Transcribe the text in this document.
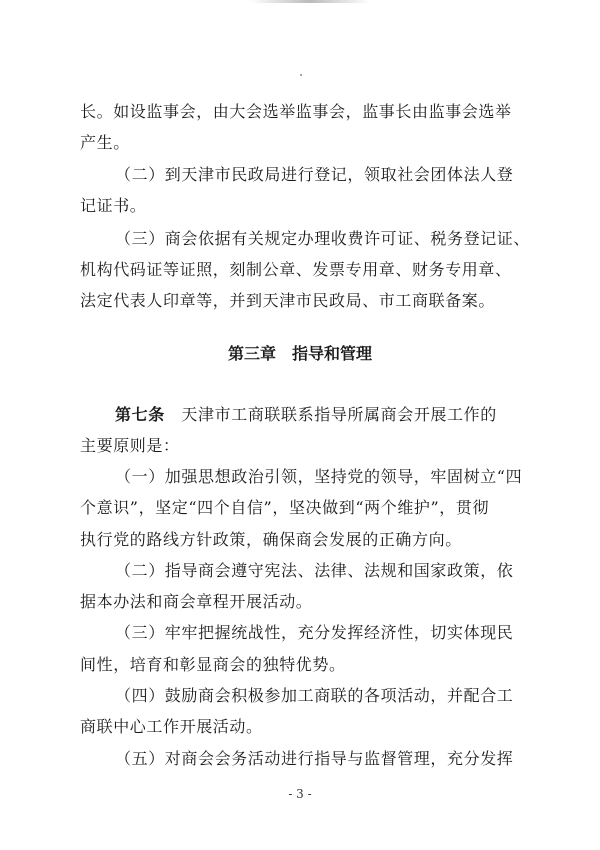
长。如设监事会，由大会选举监事会，监事长由监事会选举
产生。
（二）到天津市民政局进行登记，领取社会团体法人登
记证书。
（三）商会依据有关规定办理收费许可证、税务登记证、
机构代码证等证照，刻制公章、发票专用章、财务专用章、
法定代表人印章等，并到天津市民政局、市工商联备案。
第三章　指导和管理
第七条　天津市工商联联系指导所属商会开展工作的
主要原则是：
（一）加强思想政治引领，坚持党的领导，牢固树立“四
个意识”，坚定“四个自信”，坚决做到“两个维护”，贯彻
执行党的路线方针政策，确保商会发展的正确方向。
（二）指导商会遵守宪法、法律、法规和国家政策，依
据本办法和商会章程开展活动。
（三）牢牢把握统战性，充分发挥经济性，切实体现民
间性，培育和彰显商会的独特优势。
（四）鼓励商会积极参加工商联的各项活动，并配合工
商联中心工作开展活动。
（五）对商会会务活动进行指导与监督管理，充分发挥
- 3 -
